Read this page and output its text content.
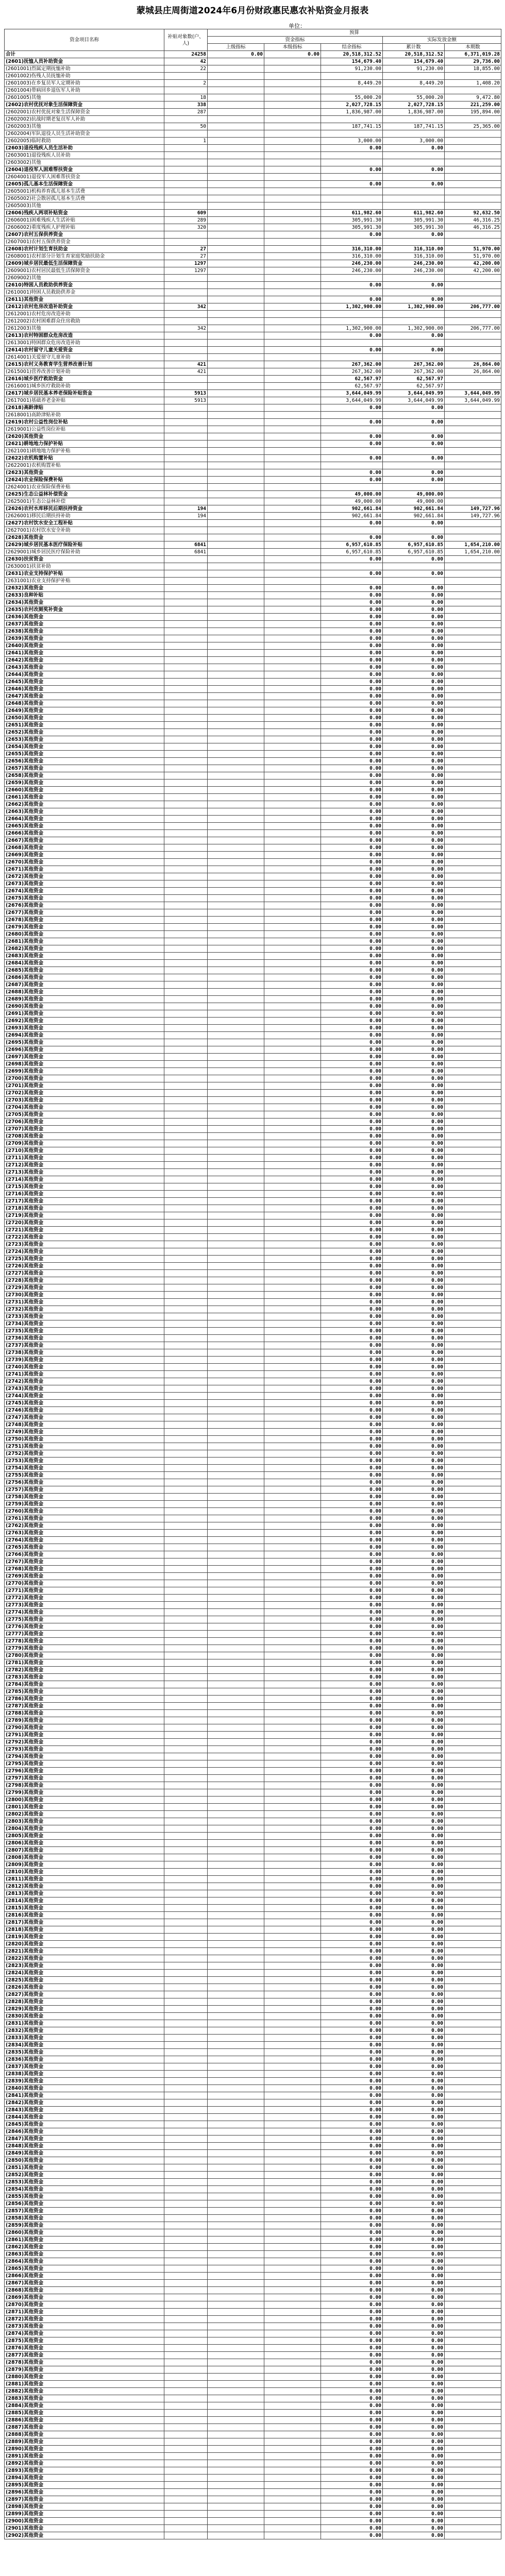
蒙城县庄周街道2024年6月份财政惠民惠农补贴资金月报表
单位：
资金项目名称	补贴对象数(户、人)	预算				
		资金指标			实际发放金额	
		上级指标	本级指标	结余指标	累计数	本期数
合计	24258	0.00	0.00	20,518,312.52	20,518,312.52	6,371,019.28
(2601)抚恤人员补助资金	42			154,679.40	154,679.40	29,736.00
(2601001)烈属定期抚恤补助	22			91,230.00	91,230.00	18,855.00
(2601002)伤残人员抚恤补助						
(2601003)在乡复员军人定期补助	2			8,449.20	8,449.20	1,408.20
(2601004)带病回乡退伍军人补助						
(2601005)其他	18			55,000.20	55,000.20	9,472.80
(2602)农村优抚对象生活保障资金	338			2,027,728.15	2,027,728.15	221,259.00
(2602001)农村优抚对象生活保障资金	287			1,836,987.00	1,836,987.00	195,894.00
(2602002)抗战时期老复员军人补助						
(2602003)其他	50			187,741.15	187,741.15	25,365.00
(2602004)军队退役人员生活补助资金						
(2602005)临时救助	1			3,000.00	3,000.00	
(2603)退役残疾人员生活补助				0.00	0.00	
(2603001)退役残疾人员补助						
(2603002)其他						
(2604)退役军人困难帮扶资金				0.00	0.00	
(2604001)退役军人困难帮扶资金						
(2605)孤儿基本生活保障资金				0.00	0.00	
(2605001)机构养育孤儿基本生活费						
(2605002)社会散居孤儿基本生活费						
(2605003)其他						
(2606)残疾人两项补贴资金	609			611,982.60	611,982.60	92,632.50
(2606001)困难残疾人生活补贴	289			305,991.30	305,991.30	46,316.25
(2606002)重度残疾人护理补贴	320			305,991.30	305,991.30	46,316.25
(2607)农村五保供养资金				0.00	0.00	
(2607001)农村五保供养资金						
(2608)农村计划生育扶助金	27			316,310.00	316,310.00	51,970.00
(2608001)农村部分计划生育家庭奖励扶助金	27			316,310.00	316,310.00	51,970.00
(2609)城乡居民最低生活保障资金	1297			246,230.00	246,230.00	42,200.00
(2609001)农村居民最低生活保障资金	1297			246,230.00	246,230.00	42,200.00
(2609002)其他						
(2610)特困人员救助供养资金				0.00	0.00	
(2610001)特困人员救助供养金						
(2611)其他资金				0.00	0.00	
(2612)农村危房改造补助资金	342			1,302,900.00	1,302,900.00	206,777.00
(2612001)农村危房改造补助						
(2612002)农村困难群众住房救助						
(2612003)其他	342			1,302,900.00	1,302,900.00	206,777.00
(2613)农村特困群众危房改造				0.00	0.00	
(2613001)特困群众危房改造补助						
(2614)农村留守儿童关爱资金				0.00	0.00	
(2614001)关爱留守儿童补助						
(2615)农村义务教育学生营养改善计划	421			267,362.00	267,362.00	26,864.00
(2615001)营养改善计划补助	421			267,362.00	267,362.00	26,864.00
(2616)城乡医疗救助资金				62,567.97	62,567.97	
(2616001)城乡医疗救助补助				62,567.97	62,567.97	
(2617)城乡居民基本养老保险补贴资金	5913			3,644,049.99	3,644,049.99	3,644,049.99
(2617001)基础养老金补贴	5913			3,644,049.99	3,644,049.99	3,644,049.99
(2618)高龄津贴				0.00	0.00	
(2618001)高龄津贴补助						
(2619)农村公益性岗位补贴				0.00	0.00	
(2619001)公益性岗位补贴						
(2620)其他资金				0.00	0.00	
(2621)耕地地力保护补贴				0.00	0.00	
(2621001)耕地地力保护补贴						
(2622)农机购置补贴				0.00	0.00	
(2622001)农机购置补贴						
(2623)其他资金				0.00	0.00	
(2624)农业保险保费补贴				0.00	0.00	
(2624001)农业保险保费补贴						
(2625)生态公益林补偿资金				49,000.00	49,000.00	
(2625001)生态公益林补偿				49,000.00	49,000.00	
(2626)农村水库移民后期扶持资金	194			902,661.84	902,661.84	149,727.96
(2626001)移民后期扶持补助	194			902,661.84	902,661.84	149,727.96
(2627)农村饮水安全工程补贴				0.00	0.00	
(2627001)农村饮水安全补助						
(2628)其他资金				0.00	0.00	
(2629)城乡居民基本医疗保险补贴	6841			6,957,610.85	6,957,610.85	1,654,210.00
(2629001)城乡居民医疗保险补助	6841			6,957,610.85	6,957,610.85	1,654,210.00
(2630)扶贫资金				0.00	0.00	
(2630001)扶贫补助						
(2631)农业支持保护补贴				0.00	0.00	
(2631001)农业支持保护补贴						
(2632)其他资金				0.00	0.00	
(2633)良种补贴				0.00	0.00	
(2634)其他资金				0.00	0.00	
(2635)农村改厕奖补资金				0.00	0.00	
(2636)其他资金				0.00	0.00	
(2637)其他资金				0.00	0.00	
(2638)其他资金				0.00	0.00	
(2639)其他资金				0.00	0.00	
(2640)其他资金				0.00	0.00	
(2641)其他资金				0.00	0.00	
(2642)其他资金				0.00	0.00	
(2643)其他资金				0.00	0.00	
(2644)其他资金				0.00	0.00	
(2645)其他资金				0.00	0.00	
(2646)其他资金				0.00	0.00	
(2647)其他资金				0.00	0.00	
(2648)其他资金				0.00	0.00	
(2649)其他资金				0.00	0.00	
(2650)其他资金				0.00	0.00	
(2651)其他资金				0.00	0.00	
(2652)其他资金				0.00	0.00	
(2653)其他资金				0.00	0.00	
(2654)其他资金				0.00	0.00	
(2655)其他资金				0.00	0.00	
(2656)其他资金				0.00	0.00	
(2657)其他资金				0.00	0.00	
(2658)其他资金				0.00	0.00	
(2659)其他资金				0.00	0.00	
(2660)其他资金				0.00	0.00	
(2661)其他资金				0.00	0.00	
(2662)其他资金				0.00	0.00	
(2663)其他资金				0.00	0.00	
(2664)其他资金				0.00	0.00	
(2665)其他资金				0.00	0.00	
(2666)其他资金				0.00	0.00	
(2667)其他资金				0.00	0.00	
(2668)其他资金				0.00	0.00	
(2669)其他资金				0.00	0.00	
(2670)其他资金				0.00	0.00	
(2671)其他资金				0.00	0.00	
(2672)其他资金				0.00	0.00	
(2673)其他资金				0.00	0.00	
(2674)其他资金				0.00	0.00	
(2675)其他资金				0.00	0.00	
(2676)其他资金				0.00	0.00	
(2677)其他资金				0.00	0.00	
(2678)其他资金				0.00	0.00	
(2679)其他资金				0.00	0.00	
(2680)其他资金				0.00	0.00	
(2681)其他资金				0.00	0.00	
(2682)其他资金				0.00	0.00	
(2683)其他资金				0.00	0.00	
(2684)其他资金				0.00	0.00	
(2685)其他资金				0.00	0.00	
(2686)其他资金				0.00	0.00	
(2687)其他资金				0.00	0.00	
(2688)其他资金				0.00	0.00	
(2689)其他资金				0.00	0.00	
(2690)其他资金				0.00	0.00	
(2691)其他资金				0.00	0.00	
(2692)其他资金				0.00	0.00	
(2693)其他资金				0.00	0.00	
(2694)其他资金				0.00	0.00	
(2695)其他资金				0.00	0.00	
(2696)其他资金				0.00	0.00	
(2697)其他资金				0.00	0.00	
(2698)其他资金				0.00	0.00	
(2699)其他资金				0.00	0.00	
(2700)其他资金				0.00	0.00	
(2701)其他资金				0.00	0.00	
(2702)其他资金				0.00	0.00	
(2703)其他资金				0.00	0.00	
(2704)其他资金				0.00	0.00	
(2705)其他资金				0.00	0.00	
(2706)其他资金				0.00	0.00	
(2707)其他资金				0.00	0.00	
(2708)其他资金				0.00	0.00	
(2709)其他资金				0.00	0.00	
(2710)其他资金				0.00	0.00	
(2711)其他资金				0.00	0.00	
(2712)其他资金				0.00	0.00	
(2713)其他资金				0.00	0.00	
(2714)其他资金				0.00	0.00	
(2715)其他资金				0.00	0.00	
(2716)其他资金				0.00	0.00	
(2717)其他资金				0.00	0.00	
(2718)其他资金				0.00	0.00	
(2719)其他资金				0.00	0.00	
(2720)其他资金				0.00	0.00	
(2721)其他资金				0.00	0.00	
(2722)其他资金				0.00	0.00	
(2723)其他资金				0.00	0.00	
(2724)其他资金				0.00	0.00	
(2725)其他资金				0.00	0.00	
(2726)其他资金				0.00	0.00	
(2727)其他资金				0.00	0.00	
(2728)其他资金				0.00	0.00	
(2729)其他资金				0.00	0.00	
(2730)其他资金				0.00	0.00	
(2731)其他资金				0.00	0.00	
(2732)其他资金				0.00	0.00	
(2733)其他资金				0.00	0.00	
(2734)其他资金				0.00	0.00	
(2735)其他资金				0.00	0.00	
(2736)其他资金				0.00	0.00	
(2737)其他资金				0.00	0.00	
(2738)其他资金				0.00	0.00	
(2739)其他资金				0.00	0.00	
(2740)其他资金				0.00	0.00	
(2741)其他资金				0.00	0.00	
(2742)其他资金				0.00	0.00	
(2743)其他资金				0.00	0.00	
(2744)其他资金				0.00	0.00	
(2745)其他资金				0.00	0.00	
(2746)其他资金				0.00	0.00	
(2747)其他资金				0.00	0.00	
(2748)其他资金				0.00	0.00	
(2749)其他资金				0.00	0.00	
(2750)其他资金				0.00	0.00	
(2751)其他资金				0.00	0.00	
(2752)其他资金				0.00	0.00	
(2753)其他资金				0.00	0.00	
(2754)其他资金				0.00	0.00	
(2755)其他资金				0.00	0.00	
(2756)其他资金				0.00	0.00	
(2757)其他资金				0.00	0.00	
(2758)其他资金				0.00	0.00	
(2759)其他资金				0.00	0.00	
(2760)其他资金				0.00	0.00	
(2761)其他资金				0.00	0.00	
(2762)其他资金				0.00	0.00	
(2763)其他资金				0.00	0.00	
(2764)其他资金				0.00	0.00	
(2765)其他资金				0.00	0.00	
(2766)其他资金				0.00	0.00	
(2767)其他资金				0.00	0.00	
(2768)其他资金				0.00	0.00	
(2769)其他资金				0.00	0.00	
(2770)其他资金				0.00	0.00	
(2771)其他资金				0.00	0.00	
(2772)其他资金				0.00	0.00	
(2773)其他资金				0.00	0.00	
(2774)其他资金				0.00	0.00	
(2775)其他资金				0.00	0.00	
(2776)其他资金				0.00	0.00	
(2777)其他资金				0.00	0.00	
(2778)其他资金				0.00	0.00	
(2779)其他资金				0.00	0.00	
(2780)其他资金				0.00	0.00	
(2781)其他资金				0.00	0.00	
(2782)其他资金				0.00	0.00	
(2783)其他资金				0.00	0.00	
(2784)其他资金				0.00	0.00	
(2785)其他资金				0.00	0.00	
(2786)其他资金				0.00	0.00	
(2787)其他资金				0.00	0.00	
(2788)其他资金				0.00	0.00	
(2789)其他资金				0.00	0.00	
(2790)其他资金				0.00	0.00	
(2791)其他资金				0.00	0.00	
(2792)其他资金				0.00	0.00	
(2793)其他资金				0.00	0.00	
(2794)其他资金				0.00	0.00	
(2795)其他资金				0.00	0.00	
(2796)其他资金				0.00	0.00	
(2797)其他资金				0.00	0.00	
(2798)其他资金				0.00	0.00	
(2799)其他资金				0.00	0.00	
(2800)其他资金				0.00	0.00	
(2801)其他资金				0.00	0.00	
(2802)其他资金				0.00	0.00	
(2803)其他资金				0.00	0.00	
(2804)其他资金				0.00	0.00	
(2805)其他资金				0.00	0.00	
(2806)其他资金				0.00	0.00	
(2807)其他资金				0.00	0.00	
(2808)其他资金				0.00	0.00	
(2809)其他资金				0.00	0.00	
(2810)其他资金				0.00	0.00	
(2811)其他资金				0.00	0.00	
(2812)其他资金				0.00	0.00	
(2813)其他资金				0.00	0.00	
(2814)其他资金				0.00	0.00	
(2815)其他资金				0.00	0.00	
(2816)其他资金				0.00	0.00	
(2817)其他资金				0.00	0.00	
(2818)其他资金				0.00	0.00	
(2819)其他资金				0.00	0.00	
(2820)其他资金				0.00	0.00	
(2821)其他资金				0.00	0.00	
(2822)其他资金				0.00	0.00	
(2823)其他资金				0.00	0.00	
(2824)其他资金				0.00	0.00	
(2825)其他资金				0.00	0.00	
(2826)其他资金				0.00	0.00	
(2827)其他资金				0.00	0.00	
(2828)其他资金				0.00	0.00	
(2829)其他资金				0.00	0.00	
(2830)其他资金				0.00	0.00	
(2831)其他资金				0.00	0.00	
(2832)其他资金				0.00	0.00	
(2833)其他资金				0.00	0.00	
(2834)其他资金				0.00	0.00	
(2835)其他资金				0.00	0.00	
(2836)其他资金				0.00	0.00	
(2837)其他资金				0.00	0.00	
(2838)其他资金				0.00	0.00	
(2839)其他资金				0.00	0.00	
(2840)其他资金				0.00	0.00	
(2841)其他资金				0.00	0.00	
(2842)其他资金				0.00	0.00	
(2843)其他资金				0.00	0.00	
(2844)其他资金				0.00	0.00	
(2845)其他资金				0.00	0.00	
(2846)其他资金				0.00	0.00	
(2847)其他资金				0.00	0.00	
(2848)其他资金				0.00	0.00	
(2849)其他资金				0.00	0.00	
(2850)其他资金				0.00	0.00	
(2851)其他资金				0.00	0.00	
(2852)其他资金				0.00	0.00	
(2853)其他资金				0.00	0.00	
(2854)其他资金				0.00	0.00	
(2855)其他资金				0.00	0.00	
(2856)其他资金				0.00	0.00	
(2857)其他资金				0.00	0.00	
(2858)其他资金				0.00	0.00	
(2859)其他资金				0.00	0.00	
(2860)其他资金				0.00	0.00	
(2861)其他资金				0.00	0.00	
(2862)其他资金				0.00	0.00	
(2863)其他资金				0.00	0.00	
(2864)其他资金				0.00	0.00	
(2865)其他资金				0.00	0.00	
(2866)其他资金				0.00	0.00	
(2867)其他资金				0.00	0.00	
(2868)其他资金				0.00	0.00	
(2869)其他资金				0.00	0.00	
(2870)其他资金				0.00	0.00	
(2871)其他资金				0.00	0.00	
(2872)其他资金				0.00	0.00	
(2873)其他资金				0.00	0.00	
(2874)其他资金				0.00	0.00	
(2875)其他资金				0.00	0.00	
(2876)其他资金				0.00	0.00	
(2877)其他资金				0.00	0.00	
(2878)其他资金				0.00	0.00	
(2879)其他资金				0.00	0.00	
(2880)其他资金				0.00	0.00	
(2881)其他资金				0.00	0.00	
(2882)其他资金				0.00	0.00	
(2883)其他资金				0.00	0.00	
(2884)其他资金				0.00	0.00	
(2885)其他资金				0.00	0.00	
(2886)其他资金				0.00	0.00	
(2887)其他资金				0.00	0.00	
(2888)其他资金				0.00	0.00	
(2889)其他资金				0.00	0.00	
(2890)其他资金				0.00	0.00	
(2891)其他资金				0.00	0.00	
(2892)其他资金				0.00	0.00	
(2893)其他资金				0.00	0.00	
(2894)其他资金				0.00	0.00	
(2895)其他资金				0.00	0.00	
(2896)其他资金				0.00	0.00	
(2897)其他资金				0.00	0.00	
(2898)其他资金				0.00	0.00	
(2899)其他资金				0.00	0.00	
(2900)其他资金				0.00	0.00	
(2901)其他资金				0.00	0.00	
(2902)其他资金				0.00	0.00	
